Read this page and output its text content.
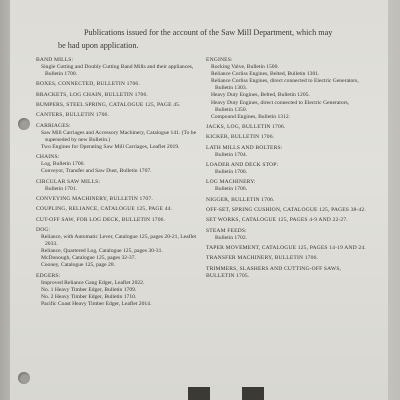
Publications issued for the account of the Saw Mill Department, which may
be had upon application.
BAND MILLS:
Single Cutting and Doubly Cutting Band Mills and their appliances, Bulletin 1700.
BOXES, CONNECTED, BULLETIN 1706.
BRACKETS, LOG CHAIN, BULLETIN 1706.
BUMPERS, STEEL SPRING, CATALOGUE 125, PAGE 45.
CANTERS, BULLETIN 1706.
CARRIAGES:
Saw Mill Carriages and Accessory Machinery, Catalogue 141. (To be superseded by new Bulletin.)
Two Engines for Operating Saw Mill Carriages, Leaflet 2019.
CHAINS:
Log, Bulletin 1706.
Conveyor, Transfer and Saw Dust, Bulletin 1707.
CIRCULAR SAW MILLS:
Bulletin 1701.
CONVEYING MACHINERY, BULLETIN 1707.
COUPLING, RELIANCE, CATALOGUE 125, PAGE 44.
CUT-OFF SAW, FOR LOG DECK, BULLETIN 1706.
DOG:
Reliance, with Automatic Lever, Catalogue 125, pages 20-21, Leaflet 2033.
Reliance, Quartered Log, Catalogue 125, pages 30-31.
McDonough, Catalogue 125, pages 32-37.
Cooney, Catalogue 125, page 28.
EDGERS:
Improved Reliance Gang Edger, Leaflet 2022.
No. 1 Heavy Timber Edger, Bulletin 1709.
No. 2 Heavy Timber Edger, Bulletin 1710.
Pacific Coast Heavy Timber Edger, Leaflet 2014.
ENGINES:
Rocking Valve, Bulletin 1500.
Reliance Corliss Engines, Belted, Bulletin 1301.
Reliance Corliss Engines, direct connected to Electric Generators, Bulletin 1303.
Heavy Duty Engines, Belted, Bulletin 1205.
Heavy Duty Engines, direct connected to Electric Generators, Bulletin 1350.
Compound Engines, Bulletin 1312.
JACKS, LOG, BULLETIN 1706.
KICKER, BULLETIN 1706.
LATH MILLS AND BOLTERS:
Bulletin 1704.
LOADER AND DECK STOP:
Bulletin 1706.
LOG MACHINERY:
Bulletin 1706.
NIGGER, BULLETIN 1706.
OFF-SET, SPRING CUSHION, CATALOGUE 125, PAGES 38-42.
SET WORKS, CATALOGUE 125, PAGES 4-9 AND 22-27.
STEAM FEEDS:
Bulletin 1702.
TAPER MOVEMENT, CATALOGUE 125, PAGES 14-19 AND 24.
TRANSFER MACHINERY, BULLETIN 1706.
TRIMMERS, SLASHERS AND CUTTING-OFF SAWS, BULLETIN 1705.
